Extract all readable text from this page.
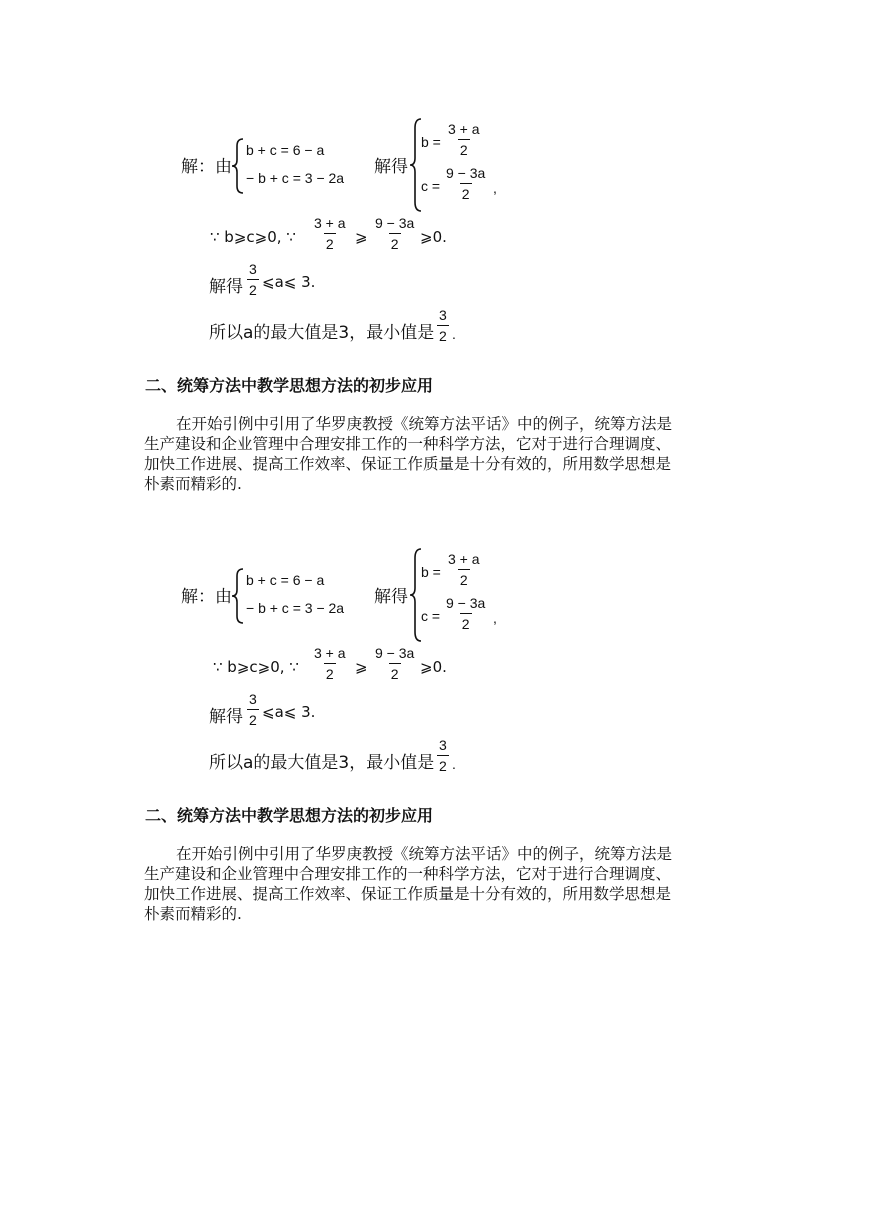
解：由
b + c = 6 − a
− b + c = 3 − 2a
解得
$b = \frac{3 + a}{2}$
$c = \frac{9 - 3a}{2}$ ,
∵ b⩾c⩾0, ∵ $\frac{3 + a}{2}$ ⩾ $\frac{9 - 3a}{2}$ ⩾0.
解得 $\frac{3}{2}$ ⩽a⩽ 3.
所以a的最大值是3，最小值是 $\frac{3}{2}$ .
二、统筹方法中教学思想方法的初步应用
在开始引例中引用了华罗庚教授《统筹方法平话》中的例子，统筹方法是
生产建设和企业管理中合理安排工作的一种科学方法，它对于进行合理调度、
加快工作进展、提高工作效率、保证工作质量是十分有效的，所用数学思想是
朴素而精彩的.
解：由
b + c = 6 − a
− b + c = 3 − 2a
解得
$b = \frac{3 + a}{2}$
$c = \frac{9 - 3a}{2}$ ,
∵ b⩾c⩾0, ∵ $\frac{3 + a}{2}$ ⩾ $\frac{9 - 3a}{2}$ ⩾0.
解得 $\frac{3}{2}$ ⩽a⩽ 3.
所以a的最大值是3，最小值是 $\frac{3}{2}$ .
二、统筹方法中教学思想方法的初步应用
在开始引例中引用了华罗庚教授《统筹方法平话》中的例子，统筹方法是
生产建设和企业管理中合理安排工作的一种科学方法，它对于进行合理调度、
加快工作进展、提高工作效率、保证工作质量是十分有效的，所用数学思想是
朴素而精彩的.
